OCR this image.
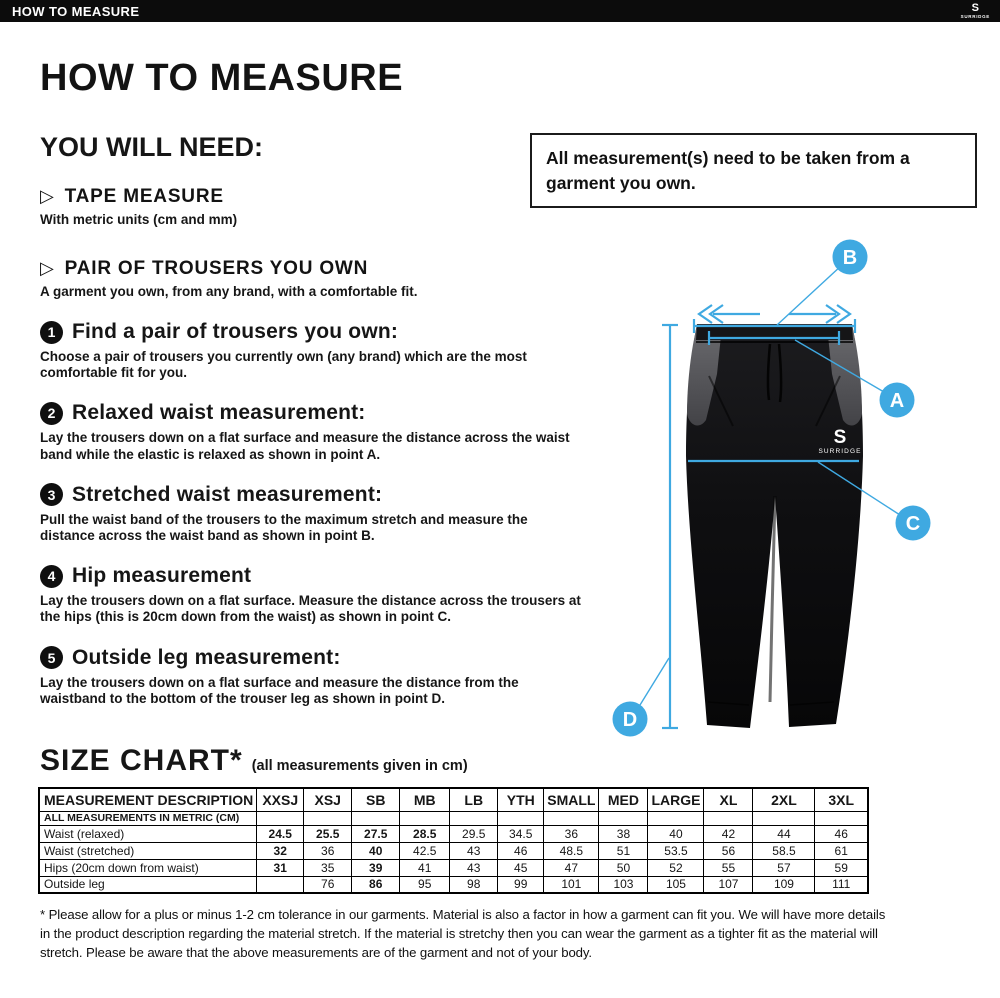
HOW TO MEASURE	S
SURRIDGE
HOW TO MEASURE
YOU WILL NEED:	All measurement(s) need to be taken from a garment you own.
▷ TAPE MEASURE
With metric units (cm and mm)
▷ PAIR OF TROUSERS YOU OWN
A garment you own, from any brand, with a comfortable fit.
1 Find a pair of trousers you own:
Choose a pair of trousers you currently own (any brand) which are the most comfortable fit for you.
2 Relaxed waist measurement:
Lay the trousers down on a flat surface and measure the distance across the waist band while the elastic is relaxed as shown in point A.
3 Stretched waist measurement:
Pull the waist band of the trousers to the maximum stretch and measure the distance across the waist band as shown in point B.
4 Hip measurement
Lay the trousers down on a flat surface. Measure the distance across the trousers at the hips (this is 20cm down from the waist) as shown in point C.
5 Outside leg measurement:
Lay the trousers down on a flat surface and measure the distance from the waistband to the bottom of the trouser leg as shown in point D.
S
SURRIDGE
B
A
C
D
SIZE CHART* (all measurements given in cm)
MEASUREMENT DESCRIPTION	XXSJ	XSJ	SB	MB	LB	YTH	SMALL	MED	LARGE	XL	2XL	3XL
ALL MEASUREMENTS IN METRIC (CM)												
Waist (relaxed)	24.5	25.5	27.5	28.5	29.5	34.5	36	38	40	42	44	46
Waist (stretched)	32	36	40	42.5	43	46	48.5	51	53.5	56	58.5	61
Hips (20cm down from waist)	31	35	39	41	43	45	47	50	52	55	57	59
Outside leg		76	86	95	98	99	101	103	105	107	109	111
* Please allow for a plus or minus 1-2 cm tolerance in our garments. Material is also a factor in how a garment can fit you. We will have more details in the product description regarding the material stretch. If the material is stretchy then you can wear the garment as a tighter fit as the material will stretch. Please be aware that the above measurements are of the garment and not of your body.
